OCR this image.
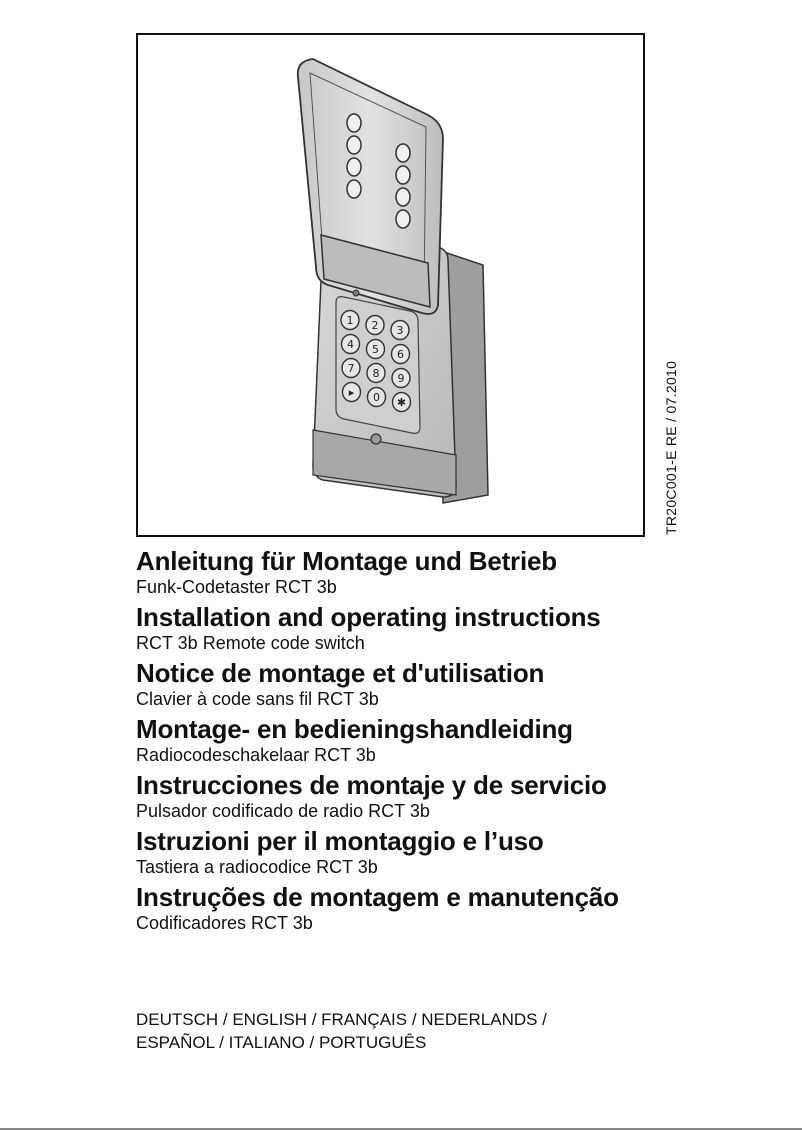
1 2 3
4 5 6
7 8 9
▸ 0 ✱	TR20C001-E RE / 07.2010
Anleitung für Montage und Betrieb
Funk-Codetaster RCT 3b
Installation and operating instructions
RCT 3b Remote code switch
Notice de montage et d'utilisation
Clavier à code sans fil RCT 3b
Montage- en bedieningshandleiding
Radiocodeschakelaar RCT 3b
Instrucciones de montaje y de servicio
Pulsador codificado de radio RCT 3b
Istruzioni per il montaggio e l’uso
Tastiera a radiocodice RCT 3b
Instruções de montagem e manutenção
Codificadores RCT 3b
DEUTSCH / ENGLISH / FRANÇAIS / NEDERLANDS /
ESPAÑOL / ITALIANO / PORTUGUÊS
